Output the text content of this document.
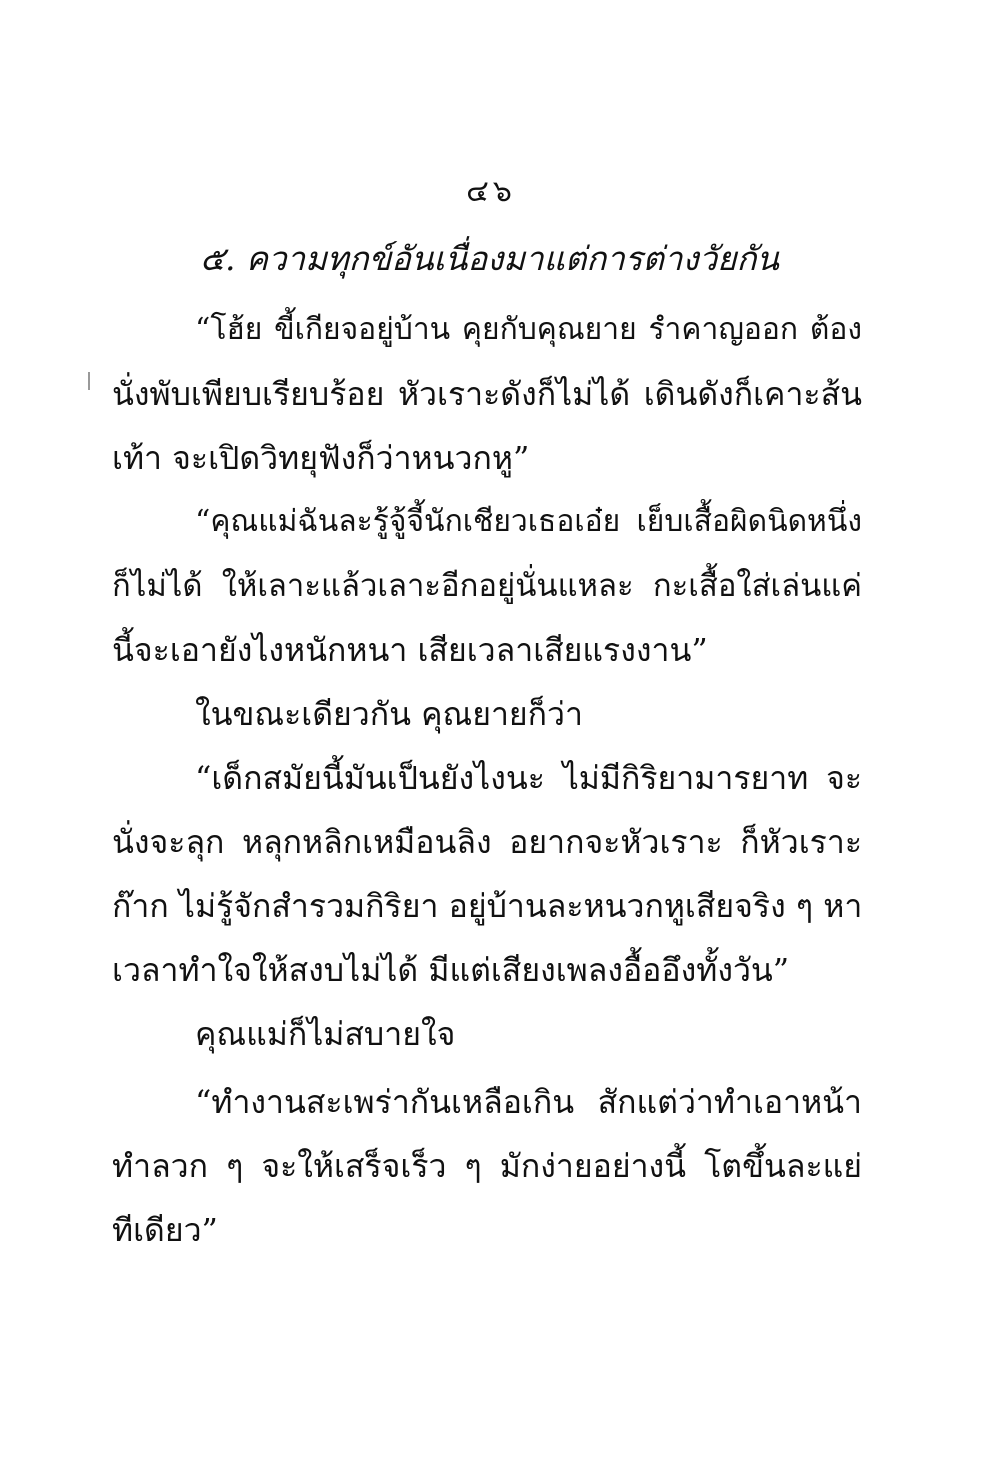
๔๖
๕. ความทุกข์อันเนื่องมาแต่การต่างวัยกัน
“โฮ้ย ขี้เกียจอยู่บ้าน คุยกับคุณยาย รำคาญออก ต้อง
นั่งพับเพียบเรียบร้อย หัวเราะดังก็ไม่ได้ เดินดังก็เคาะส้น
เท้า จะเปิดวิทยุฟังก็ว่าหนวกหู”
“คุณแม่ฉันละรู้จู้จี้นักเชียวเธอเอ๋ย เย็บเสื้อผิดนิดหนึ่ง
ก็ไม่ได้ ให้เลาะแล้วเลาะอีกอยู่นั่นแหละ กะเสื้อใส่เล่นแค่
นี้จะเอายังไงหนักหนา เสียเวลาเสียแรงงาน”
ในขณะเดียวกัน คุณยายก็ว่า
“เด็กสมัยนี้มันเป็นยังไงนะ ไม่มีกิริยามารยาท จะ
นั่งจะลุก หลุกหลิกเหมือนลิง อยากจะหัวเราะ ก็หัวเราะ
ก๊าก ไม่รู้จักสำรวมกิริยา อยู่บ้านละหนวกหูเสียจริง ๆ หา
เวลาทำใจให้สงบไม่ได้ มีแต่เสียงเพลงอื้ออึงทั้งวัน”
คุณแม่ก็ไม่สบายใจ
“ทำงานสะเพร่ากันเหลือเกิน สักแต่ว่าทำเอาหน้า
ทำลวก ๆ จะให้เสร็จเร็ว ๆ มักง่ายอย่างนี้ โตขึ้นละแย่
ทีเดียว”
